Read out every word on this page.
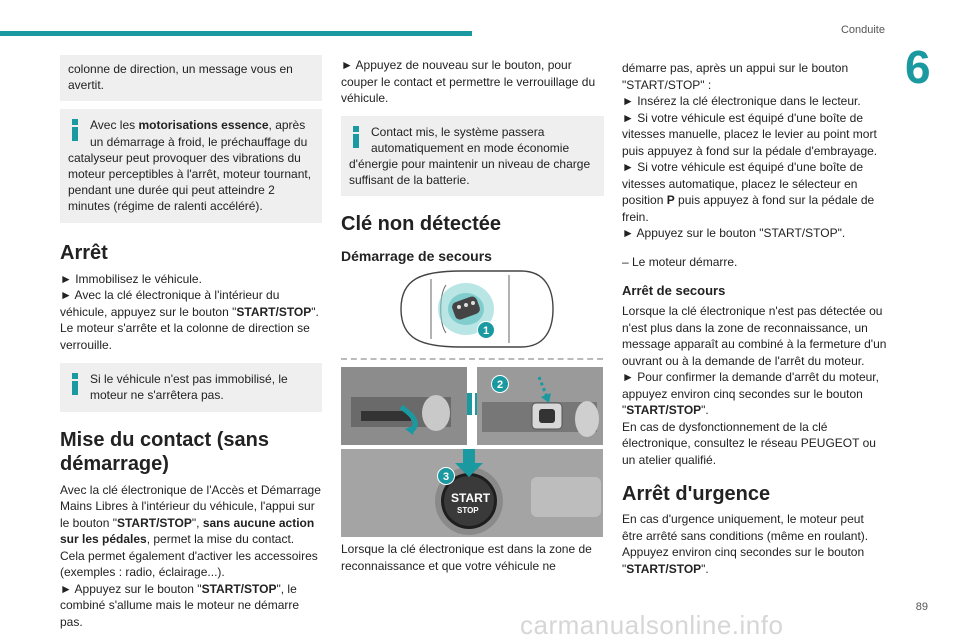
Conduite
6
colonne de direction, un message vous en avertit.
Avec les motorisations essence, après un démarrage à froid, le préchauffage du catalyseur peut provoquer des vibrations du moteur perceptibles à l'arrêt, moteur tournant, pendant une durée qui peut atteindre 2 minutes (régime de ralenti accéléré).
Arrêt
► Immobilisez le véhicule.
► Avec la clé électronique à l'intérieur du véhicule, appuyez sur le bouton "START/STOP". Le moteur s'arrête et la colonne de direction se verrouille.
Si le véhicule n'est pas immobilisé, le moteur ne s'arrêtera pas.
Mise du contact (sans démarrage)
Avec la clé électronique de l'Accès et Démarrage Mains Libres à l'intérieur du véhicule, l'appui sur le bouton "START/STOP", sans aucune action sur les pédales, permet la mise du contact.
Cela permet également d'activer les accessoires (exemples : radio, éclairage...).
► Appuyez sur le bouton "START/STOP", le combiné s'allume mais le moteur ne démarre pas.
► Appuyez de nouveau sur le bouton, pour couper le contact et permettre le verrouillage du véhicule.
Contact mis, le système passera automatiquement en mode économie d'énergie pour maintenir un niveau de charge suffisant de la batterie.
Clé non détectée
Démarrage de secours
1
2
START
STOP
3
Lorsque la clé électronique est dans la zone de reconnaissance et que votre véhicule ne
démarre pas, après un appui sur le bouton "START/STOP" :
► Insérez la clé électronique dans le lecteur.
► Si votre véhicule est équipé d'une boîte de vitesses manuelle, placez le levier au point mort puis appuyez à fond sur la pédale d'embrayage.
► Si votre véhicule est équipé d'une boîte de vitesses automatique, placez le sélecteur en position P puis appuyez à fond sur la pédale de frein.
► Appuyez sur le bouton "START/STOP".
– Le moteur démarre.
Arrêt de secours
Lorsque la clé électronique n'est pas détectée ou n'est plus dans la zone de reconnaissance, un message apparaît au combiné à la fermeture d'un ouvrant ou à la demande de l'arrêt du moteur.
► Pour confirmer la demande d'arrêt du moteur, appuyez environ cinq secondes sur le bouton "START/STOP".
En cas de dysfonctionnement de la clé électronique, consultez le réseau PEUGEOT ou un atelier qualifié.
Arrêt d'urgence
En cas d'urgence uniquement, le moteur peut être arrêté sans conditions (même en roulant).
Appuyez environ cinq secondes sur le bouton "START/STOP".
89
carmanualsonline.info
